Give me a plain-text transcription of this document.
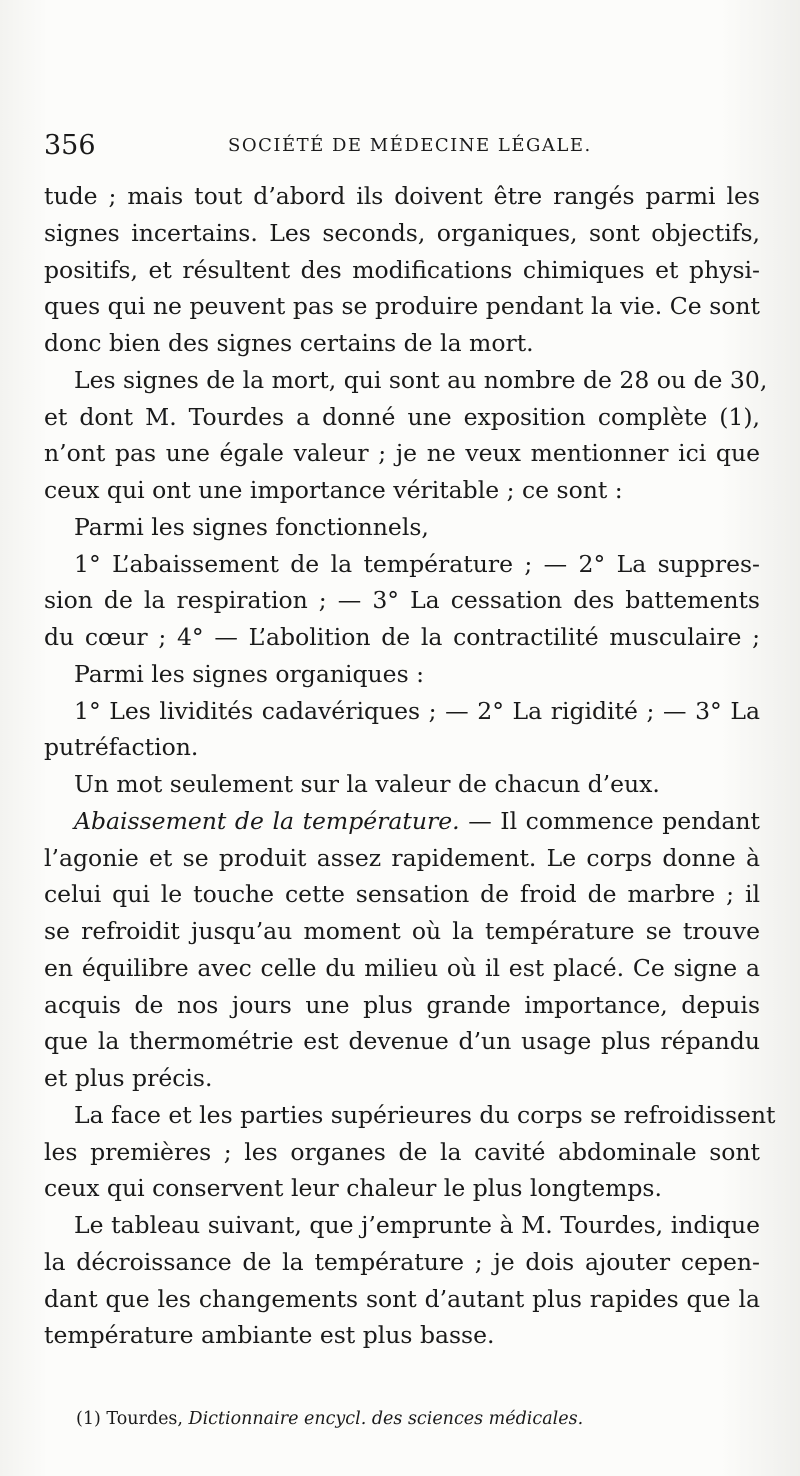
356	SOCIÉTÉ DE MÉDECINE LÉGALE.
tude ; mais tout d’abord ils doivent être rangés parmi les
signes incertains. Les seconds, organiques, sont objectifs,
positifs, et résultent des modifications chimiques et physi-
ques qui ne peuvent pas se produire pendant la vie. Ce sont
donc bien des signes certains de la mort.
Les signes de la mort, qui sont au nombre de 28 ou de 30,
et dont M. Tourdes a donné une exposition complète (1),
n’ont pas une égale valeur ; je ne veux mentionner ici que
ceux qui ont une importance véritable ; ce sont :
Parmi les signes fonctionnels,
1° L’abaissement de la température ; — 2° La suppres-
sion de la respiration ; — 3° La cessation des battements
du cœur ; 4° — L’abolition de la contractilité musculaire ;
Parmi les signes organiques :
1° Les lividités cadavériques ; — 2° La rigidité ; — 3° La
putréfaction.
Un mot seulement sur la valeur de chacun d’eux.
Abaissement de la température. — Il commence pendant
l’agonie et se produit assez rapidement. Le corps donne à
celui qui le touche cette sensation de froid de marbre ; il
se refroidit jusqu’au moment où la température se trouve
en équilibre avec celle du milieu où il est placé. Ce signe a
acquis de nos jours une plus grande importance, depuis
que la thermométrie est devenue d’un usage plus répandu
et plus précis.
La face et les parties supérieures du corps se refroidissent
les premières ; les organes de la cavité abdominale sont
ceux qui conservent leur chaleur le plus longtemps.
Le tableau suivant, que j’emprunte à M. Tourdes, indique
la décroissance de la température ; je dois ajouter cepen-
dant que les changements sont d’autant plus rapides que la
température ambiante est plus basse.
(1) Tourdes, Dictionnaire encycl. des sciences médicales.
